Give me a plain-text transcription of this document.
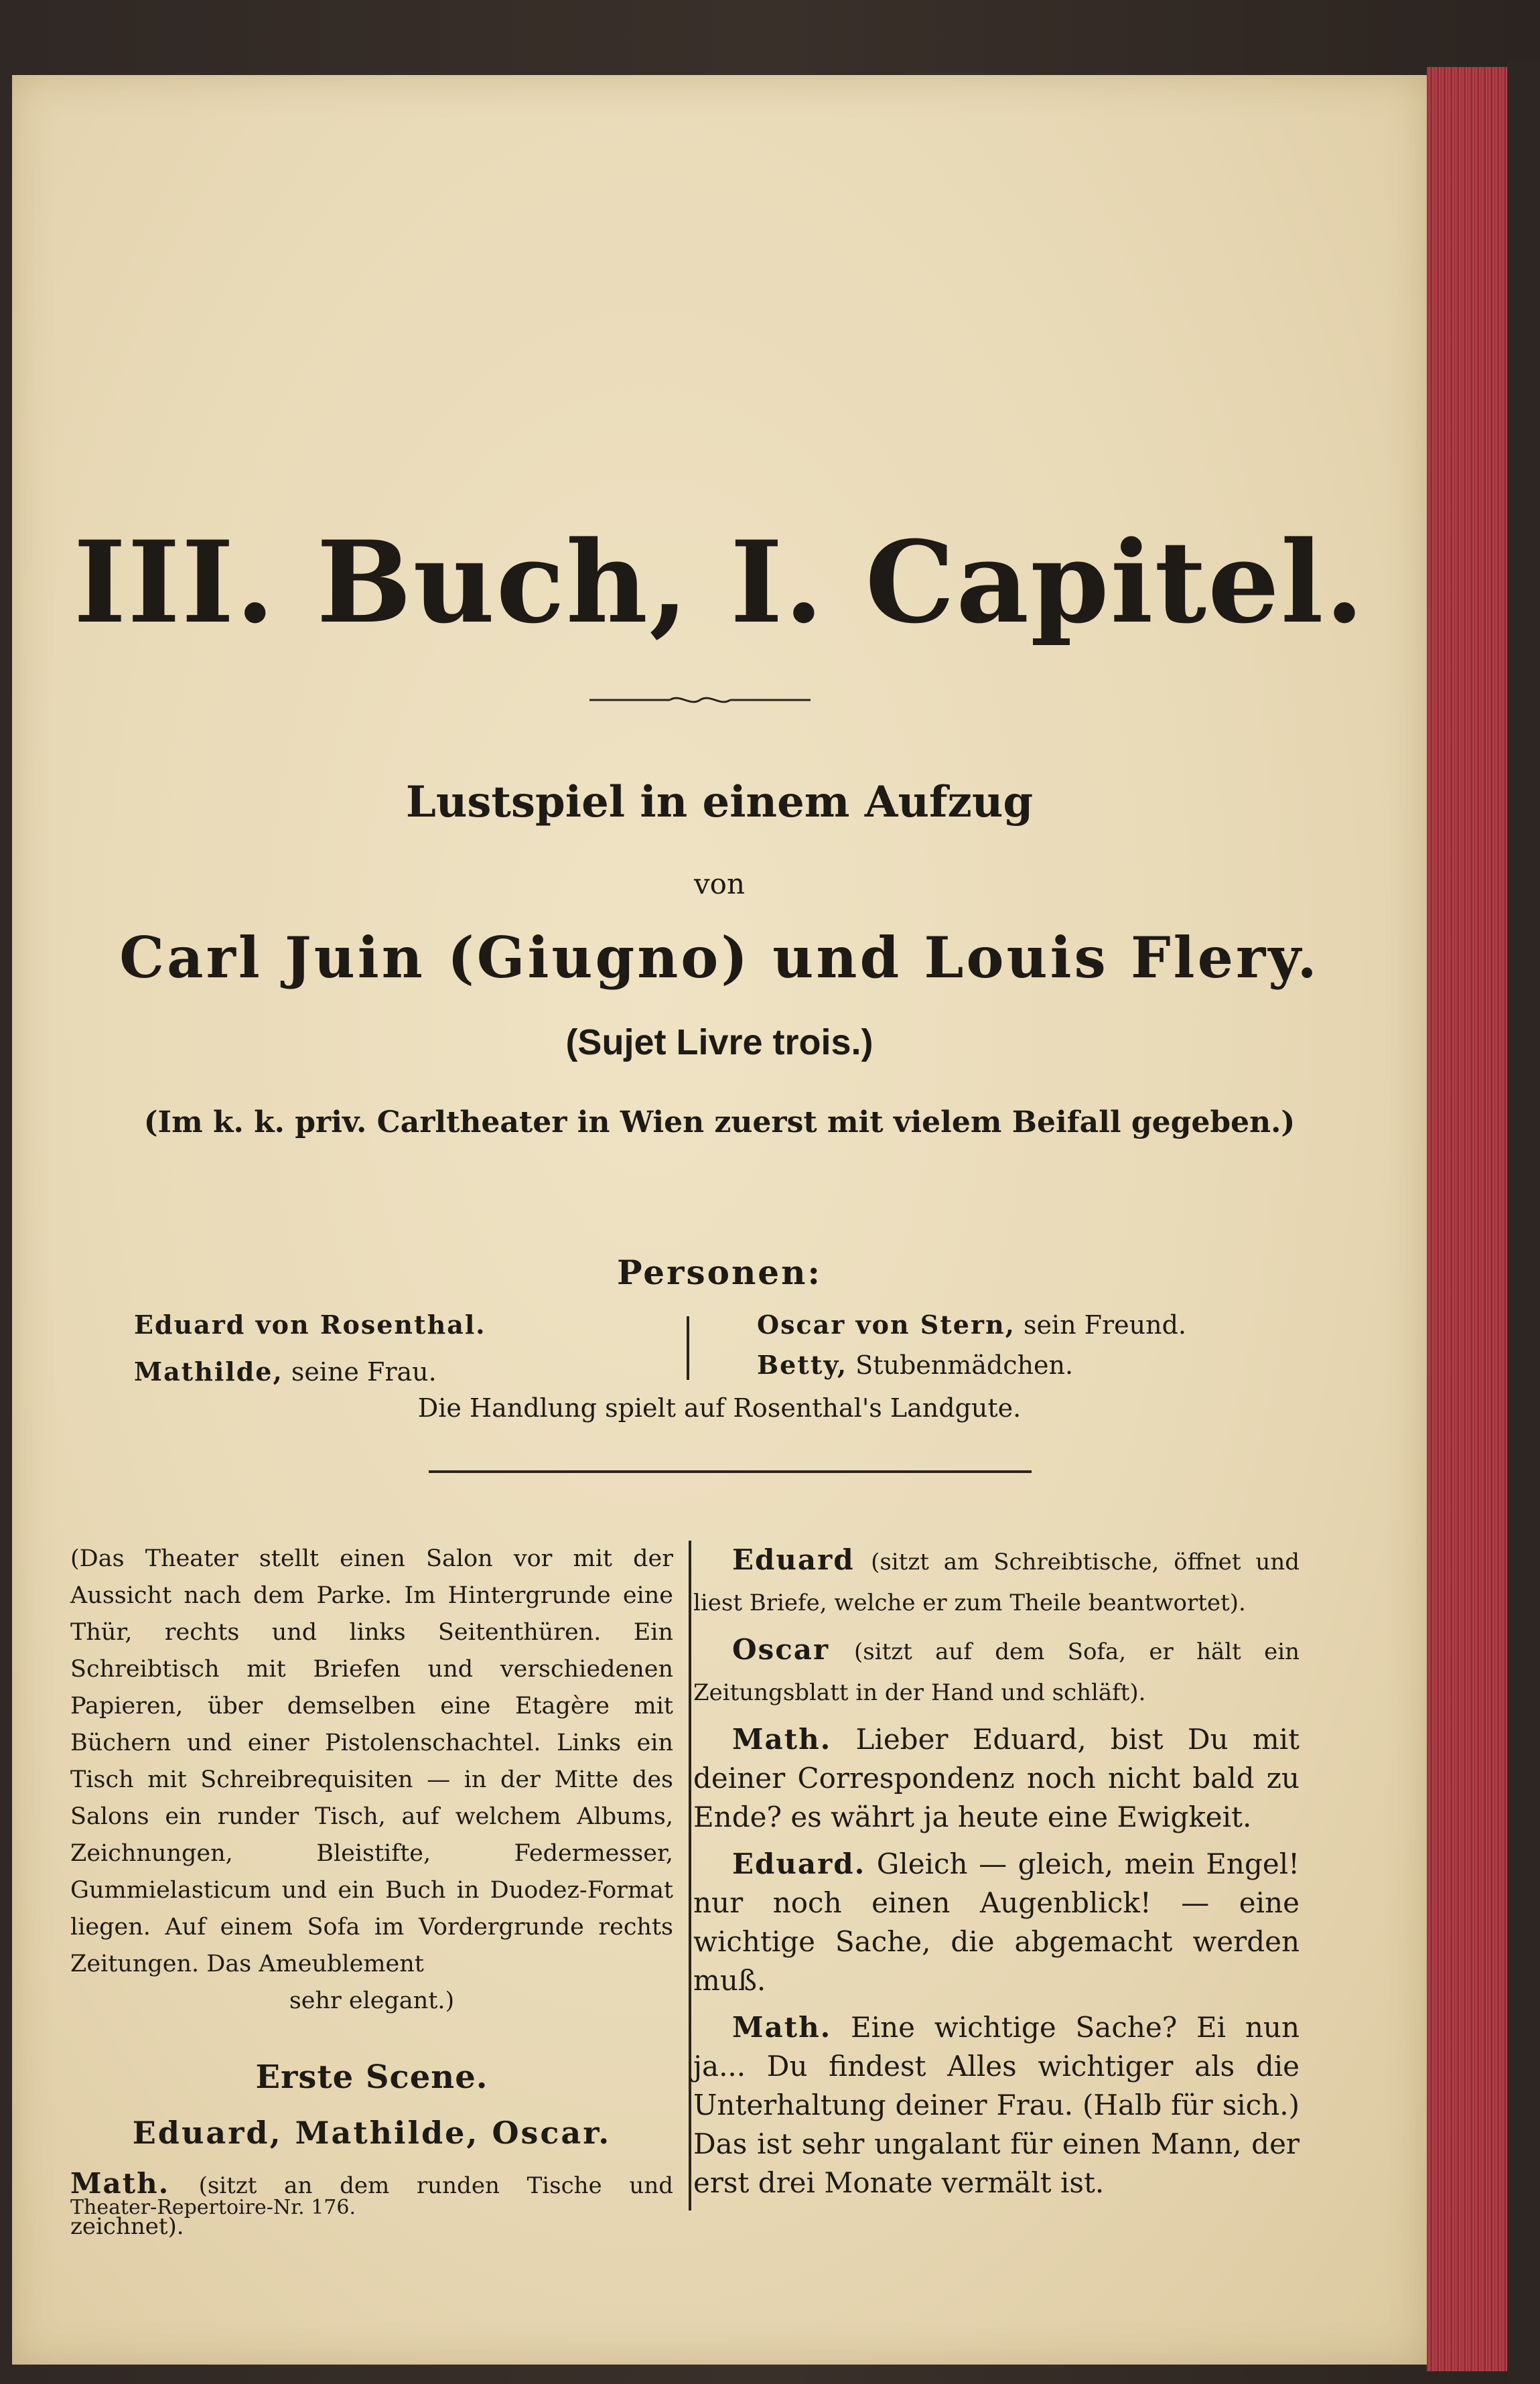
III. Buch, I. Capitel.
Lustspiel in einem Aufzug
von
Carl Juin (Giugno) und Louis Flery.
(Sujet Livre trois.)
(Im k. k. priv. Carltheater in Wien zuerst mit vielem Beifall gegeben.)
Personen:
Eduard von Rosenthal.
Mathilde, seine Frau.
Oscar von Stern, sein Freund.
Betty, Stubenmädchen.
Die Handlung spielt auf Rosenthal's Landgute.

(Das Theater stellt einen Salon vor mit der Aussicht nach dem Parke. Im Hintergrunde eine Thür, rechts und links Seitenthüren. Ein Schreibtisch mit Briefen und verschiedenen Papieren, über demselben eine Etagère mit Büchern und einer Pistolenschachtel. Links ein Tisch mit Schreibrequisiten — in der Mitte des Salons ein runder Tisch, auf welchem Albums, Zeichnungen, Bleistifte, Federmesser, Gummielasticum und ein Buch in Duodez-Format liegen. Auf einem Sofa im Vordergrunde rechts Zeitungen. Das Ameublement
sehr elegant.)

Erste Scene.
Eduard, Mathilde, Oscar.

Math. (sitzt an dem runden Tische und zeichnet).

Eduard (sitzt am Schreibtische, öffnet und liest Briefe, welche er zum Theile beantwortet).

Oscar (sitzt auf dem Sofa, er hält ein Zeitungsblatt in der Hand und schläft).

Math. Lieber Eduard, bist Du mit deiner Correspondenz noch nicht bald zu Ende? es währt ja heute eine Ewigkeit.

Eduard. Gleich — gleich, mein Engel! nur noch einen Augenblick! — eine wichtige Sache, die abgemacht werden muß.

Math. Eine wichtige Sache? Ei nun ja... Du findest Alles wichtiger als die Unterhaltung deiner Frau. (Halb für sich.) Das ist sehr ungalant für einen Mann, der erst drei Monate vermält ist.

Theater-Repertoire-Nr. 176.
